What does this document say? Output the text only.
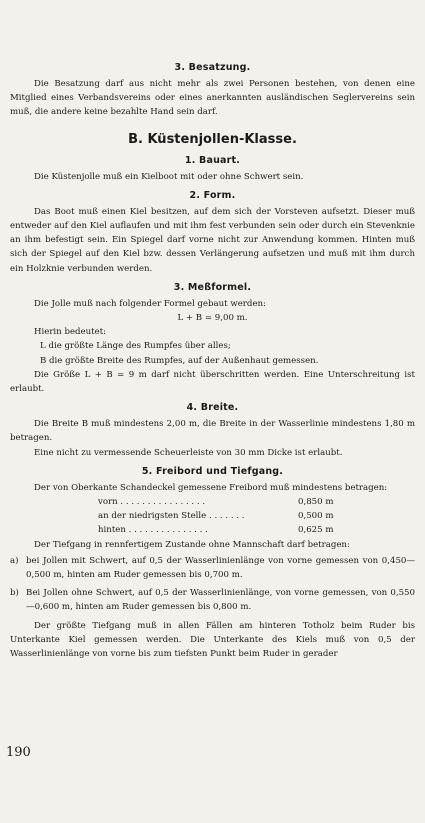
3. Besatzung.

Die Besatzung darf aus nicht mehr als zwei Personen bestehen, von denen eine Mitglied eines Verbandsvereins oder eines anerkannten ausländischen Seglervereins sein muß, die andere keine bezahlte Hand sein darf.

B. Küstenjollen-Klasse.
1. Bauart.

Die Küstenjolle muß ein Kielboot mit oder ohne Schwert sein.

2. Form.

Das Boot muß einen Kiel besitzen, auf dem sich der Vorsteven aufsetzt. Dieser muß entweder auf den Kiel auflaufen und mit ihm fest verbunden sein oder durch ein Stevenknie an ihm befestigt sein. Ein Spiegel darf vorne nicht zur Anwendung kommen. Hinten muß sich der Spiegel auf den Kiel bzw. dessen Verlängerung aufsetzen und muß mit ihm durch ein Holzknie verbunden werden.

3. Meßformel.

Die Jolle muß nach folgender Formel gebaut werden:

L + B = 9,00 m.

Hierin bedeutet:

L die größte Länge des Rumpfes über alles;
B die größte Breite des Rumpfes, auf der Außenhaut gemessen.

Die Größe L + B = 9 m darf nicht überschritten werden. Eine Unterschreitung ist erlaubt.

4. Breite.

Die Breite B muß mindestens 2,00 m, die Breite in der Wasserlinie mindestens 1,80 m betragen.

Eine nicht zu vermessende Scheuerleiste von 30 mm Dicke ist erlaubt.

5. Freibord und Tiefgang.

Der von Oberkante Schandeckel gemessene Freibord muß mindestens betragen:

vorn . . . . . . . . . . . . . . . .	0,850 m
an der niedrigsten Stelle . . . . . . .	0,500 m
hinten . . . . . . . . . . . . . . .	0,625 m

Der Tiefgang in rennfertigem Zustande ohne Mannschaft darf betragen:

a) bei Jollen mit Schwert, auf 0,5 der Wasserlinienlänge von vorne gemessen von 0,450—0,500 m, hinten am Ruder gemessen bis 0,700 m.
b) Bei Jollen ohne Schwert, auf 0,5 der Wasserlinienlänge, von vorne gemessen, von 0,550—0,600 m, hinten am Ruder gemessen bis 0,800 m.

Der größte Tiefgang muß in allen Fällen am hinteren Totholz beim Ruder bis Unterkante Kiel gemessen werden. Die Unterkante des Kiels muß von 0,5 der Wasserlinienlänge von vorne bis zum tiefsten Punkt beim Ruder in gerader

190
